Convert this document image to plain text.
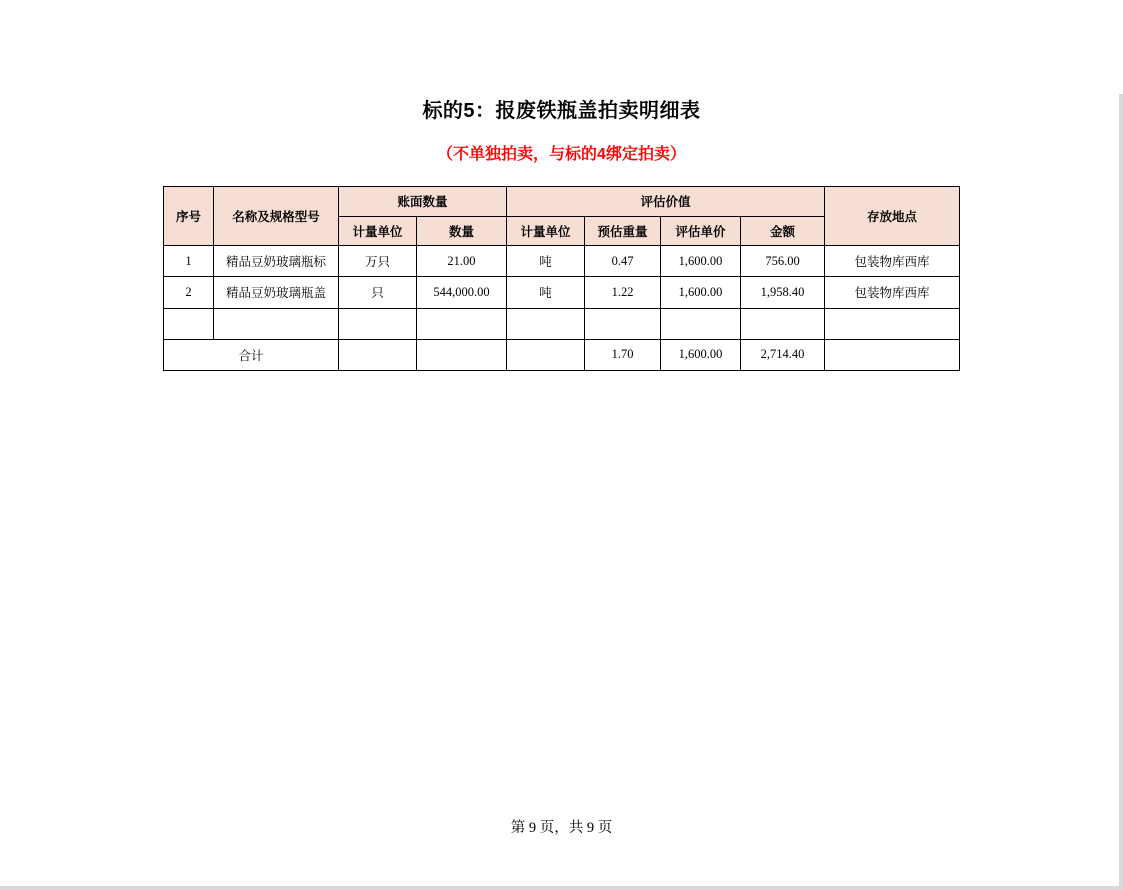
标的5：报废铁瓶盖拍卖明细表
（不单独拍卖，与标的4绑定拍卖）
序号	名称及规格型号	账面数量		评估价值				存放地点
		计量单位	数量	计量单位	预估重量	评估单价	金额	
1	精品豆奶玻璃瓶标	万只	21.00	吨	0.47	1,600.00	756.00	包装物库西库
2	精品豆奶玻璃瓶盖	只	544,000.00	吨	1.22	1,600.00	1,958.40	包装物库西库

合计					1.70	1,600.00	2,714.40	
第 9 页，共 9 页
